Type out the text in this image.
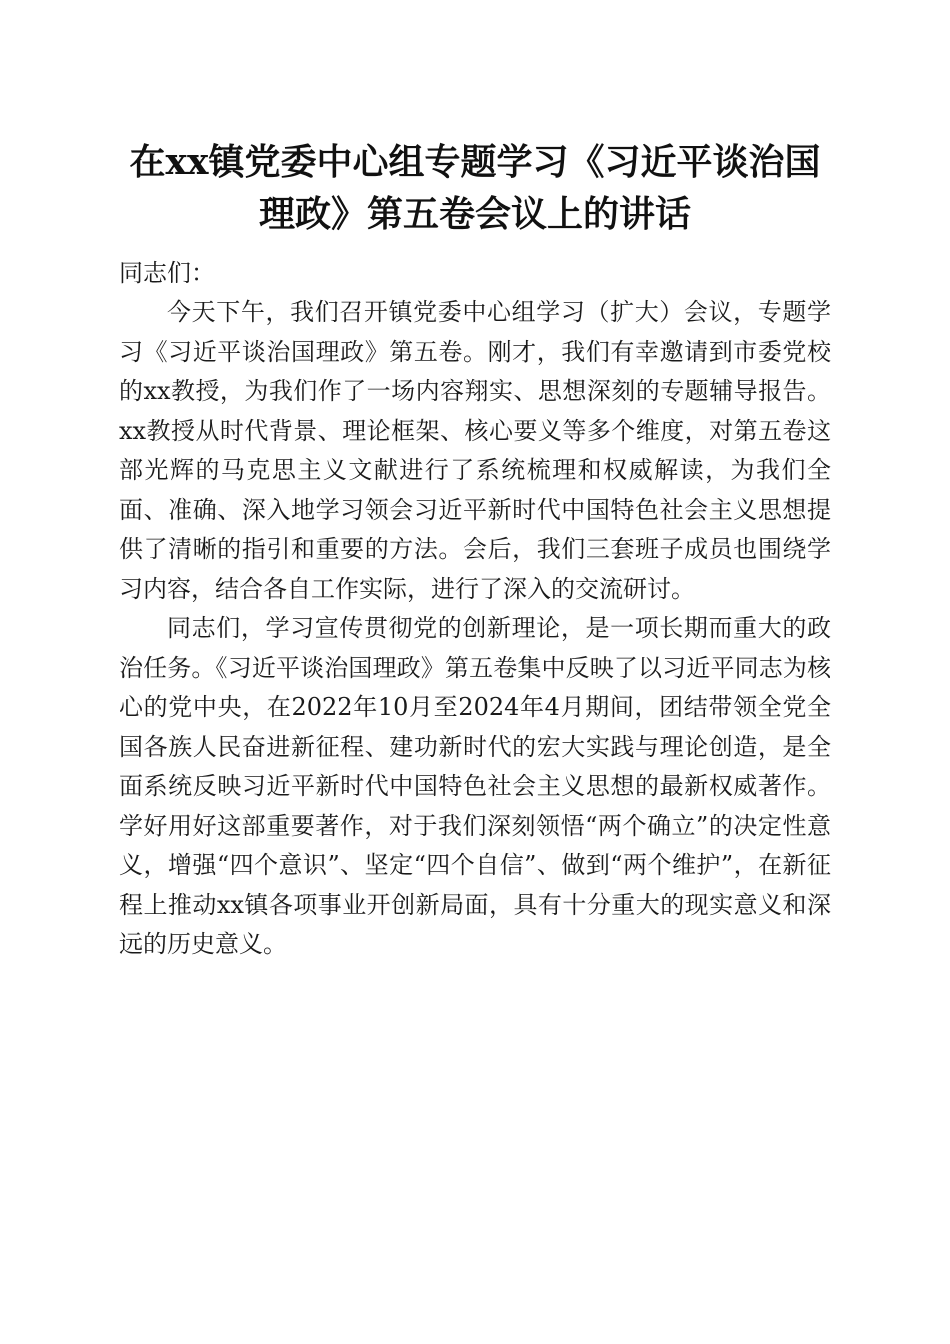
在xx镇党委中心组专题学习《习近平谈治国
理政》第五卷会议上的讲话

同志们：

今天下午，我们召开镇党委中心组学习（扩大）会议，专题学习《习近平谈治国理政》第五卷。刚才，我们有幸邀请到市委党校的xx教授，为我们作了一场内容翔实、思想深刻的专题辅导报告。xx教授从时代背景、理论框架、核心要义等多个维度，对第五卷这部光辉的马克思主义文献进行了系统梳理和权威解读，为我们全面、准确、深入地学习领会习近平新时代中国特色社会主义思想提供了清晰的指引和重要的方法。会后，我们三套班子成员也围绕学习内容，结合各自工作实际，进行了深入的交流研讨。

同志们，学习宣传贯彻党的创新理论，是一项长期而重大的政治任务。《习近平谈治国理政》第五卷集中反映了以习近平同志为核心的党中央，在2022年10月至2024年4月期间，团结带领全党全国各族人民奋进新征程、建功新时代的宏大实践与理论创造，是全面系统反映习近平新时代中国特色社会主义思想的最新权威著作。学好用好这部重要著作，对于我们深刻领悟“两个确立”的决定性意义，增强“四个意识”、坚定“四个自信”、做到“两个维护”，在新征程上推动xx镇各项事业开创新局面，具有十分重大的现实意义和深远的历史意义。
